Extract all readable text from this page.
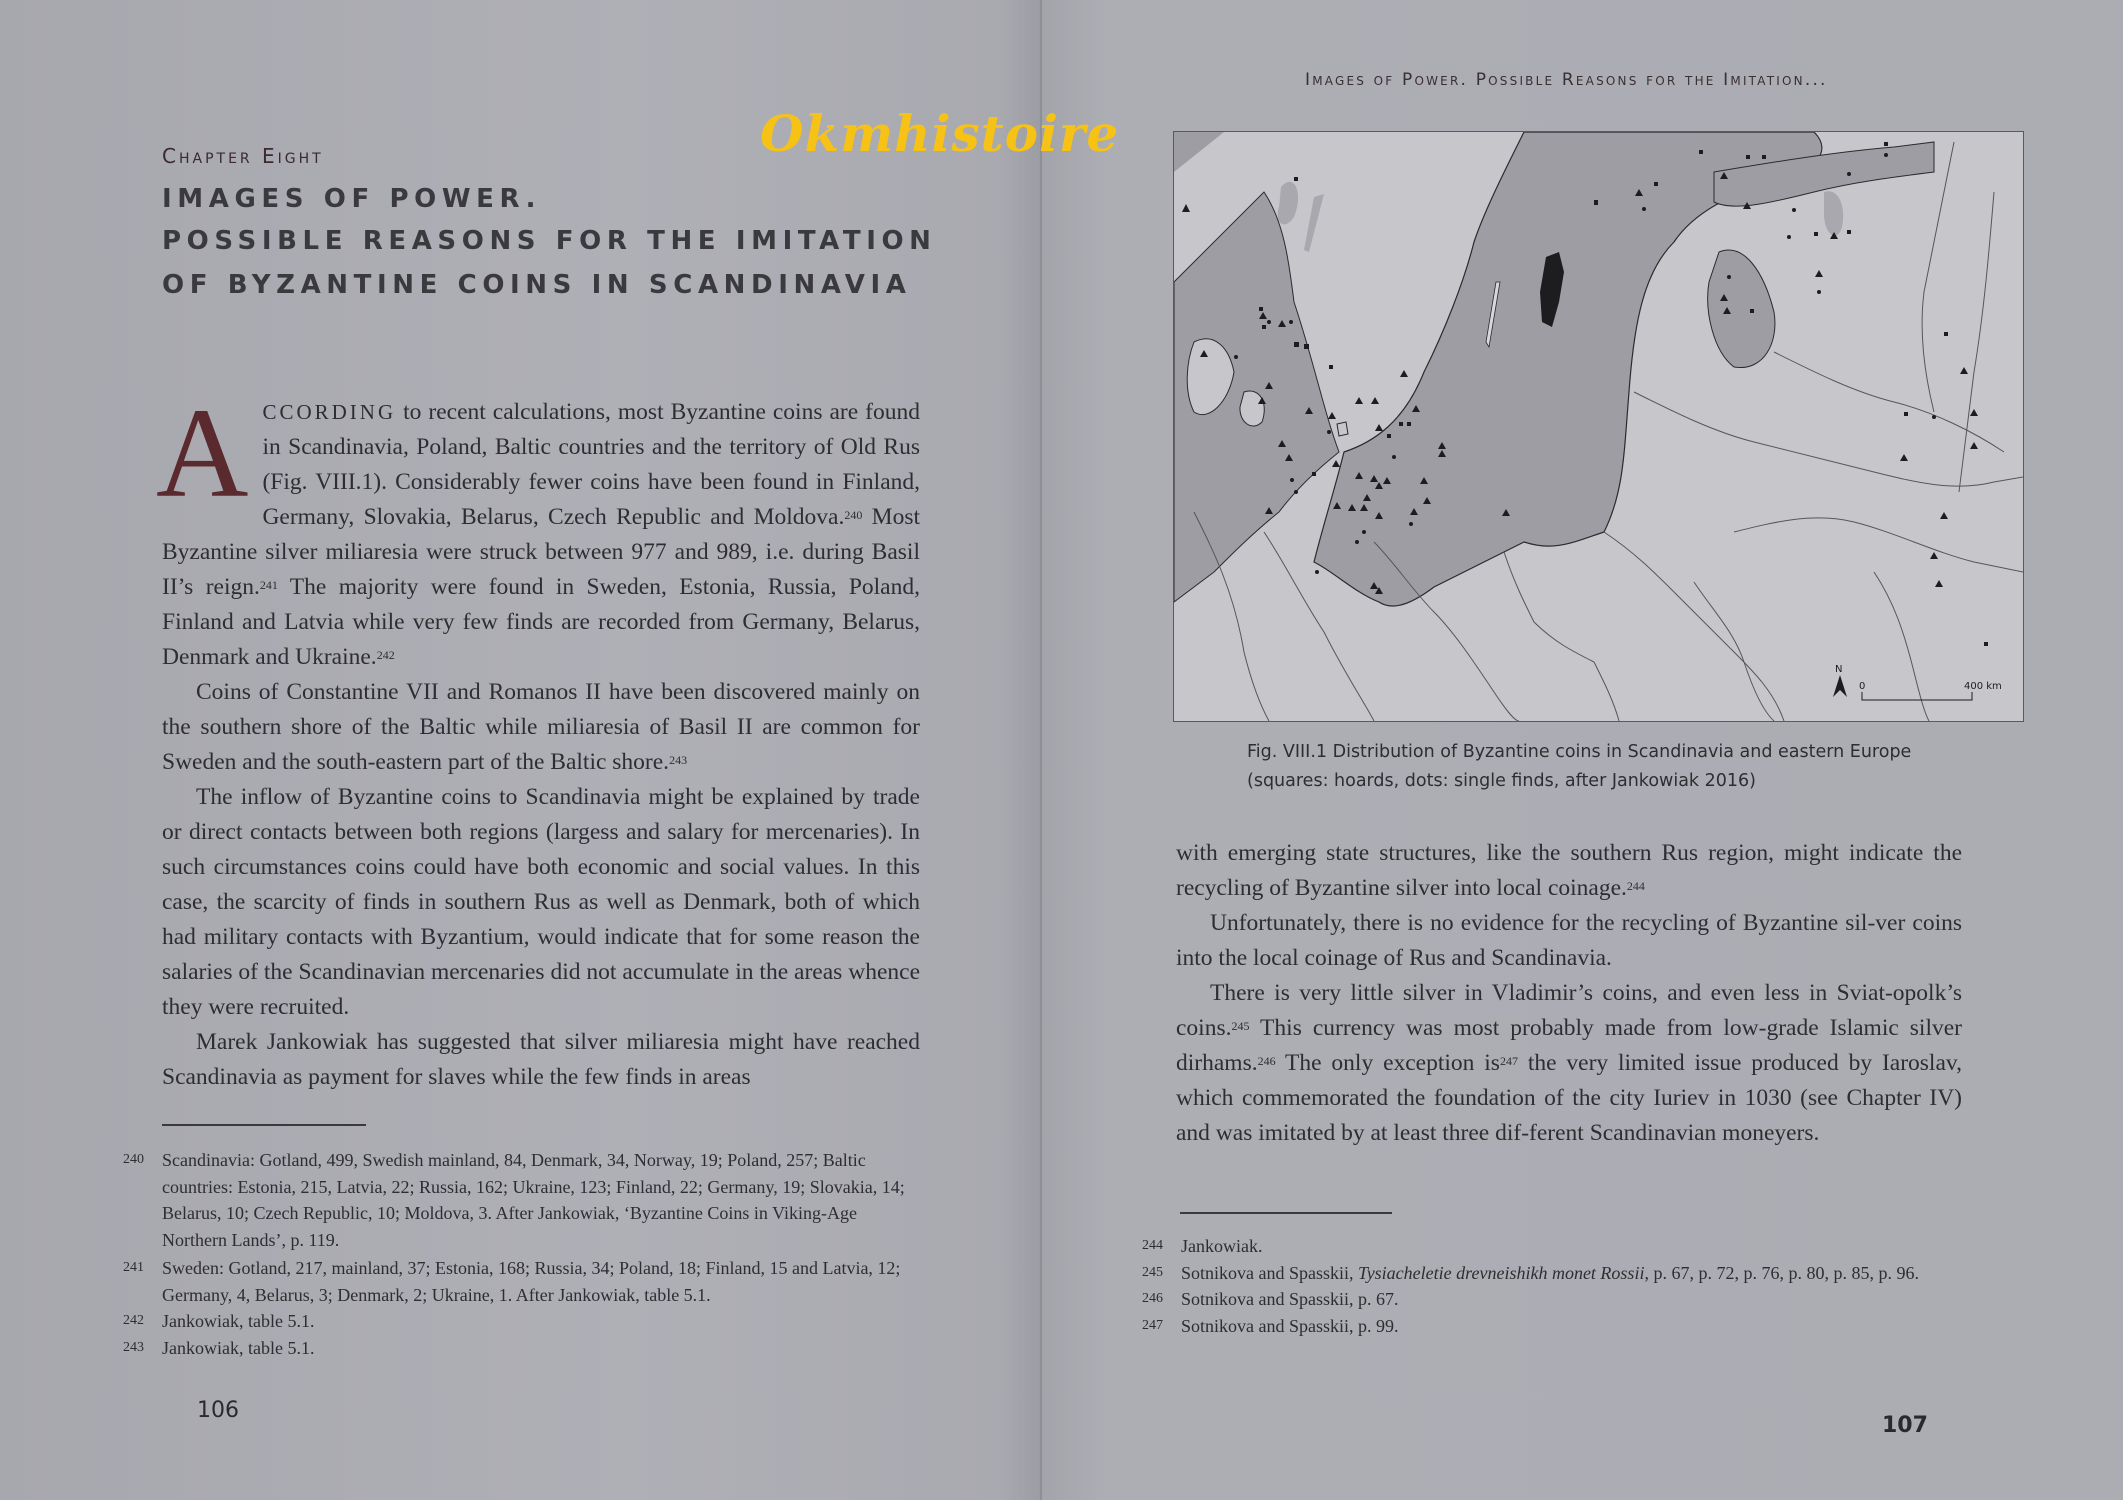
Chapter Eight
IMAGES OF POWER.
POSSIBLE REASONS FOR THE IMITATION
OF BYZANTINE COINS IN SCANDINAVIA
Okmhistoire

ACCORDING to recent calculations, most Byzantine coins are found in Scandinavia, Poland, Baltic countries and the territory of Old Rus (Fig. VIII.1). Considerably fewer coins have been found in Finland, Germany, Slovakia, Belarus, Czech Republic and Moldova.$^{240}$ Most Byzantine silver miliaresia were struck between 977 and 989, i.e. during Basil II’s reign.$^{241}$ The majority were found in Sweden, Estonia, Russia, Poland, Finland and Latvia while very few finds are recorded from Germany, Belarus, Denmark and Ukraine.$^{242}$

Coins of Constantine VII and Romanos II have been discovered mainly on the southern shore of the Baltic while miliaresia of Basil II are common for Sweden and the south-eastern part of the Baltic shore.$^{243}$

The inflow of Byzantine coins to Scandinavia might be explained by trade or direct contacts between both regions (largess and salary for mercenaries). In such circumstances coins could have both economic and social values. In this case, the scarcity of finds in southern Rus as well as Denmark, both of which had military contacts with Byzantium, would indicate that for some reason the salaries of the Scandinavian mercenaries did not accumulate in the areas whence they were recruited.

Marek Jankowiak has suggested that silver miliaresia might have reached Scandinavia as payment for slaves while the few finds in areas

240 Scandinavia: Gotland, 499, Swedish mainland, 84, Denmark, 34, Norway, 19; Poland, 257; Baltic countries: Estonia, 215, Latvia, 22; Russia, 162; Ukraine, 123; Finland, 22; Germany, 19; Slovakia, 14; Belarus, 10; Czech Republic, 10; Moldova, 3. After Jankowiak, ‘Byzantine Coins in Viking-Age Northern Lands’, p. 119.
241 Sweden: Gotland, 217, mainland, 37; Estonia, 168; Russia, 34; Poland, 18; Finland, 15 and Latvia, 12; Germany, 4, Belarus, 3; Denmark, 2; Ukraine, 1. After Jankowiak, table 5.1.
242 Jankowiak, table 5.1.
243 Jankowiak, table 5.1.
106
Images of Power. Possible Reasons for the Imitation...
N
0	400 km
Fig. VIII.1 Distribution of Byzantine coins in Scandinavia and eastern Europe
(squares: hoards, dots: single finds, after Jankowiak 2016)

with emerging state structures, like the southern Rus region, might indicate the recycling of Byzantine silver into local coinage.$^{244}$

Unfortunately, there is no evidence for the recycling of Byzantine sil-ver coins into the local coinage of Rus and Scandinavia.

There is very little silver in Vladimir’s coins, and even less in Sviat-opolk’s coins.$^{245}$ This currency was most probably made from low-grade Islamic silver dirhams.$^{246}$ The only exception $is^{247}$ the very limited issue produced by Iaroslav, which commemorated the foundation of the city Iuriev in 1030 (see Chapter IV) and was imitated by at least three dif-ferent Scandinavian moneyers.

244 Jankowiak.
245 Sotnikova and Spasskii, Tysiacheletie drevneishikh monet Rossii, p. 67, p. 72, p. 76, p. 80, p. 85, p. 96.
246 Sotnikova and Spasskii, p. 67.
247 Sotnikova and Spasskii, p. 99.
107
